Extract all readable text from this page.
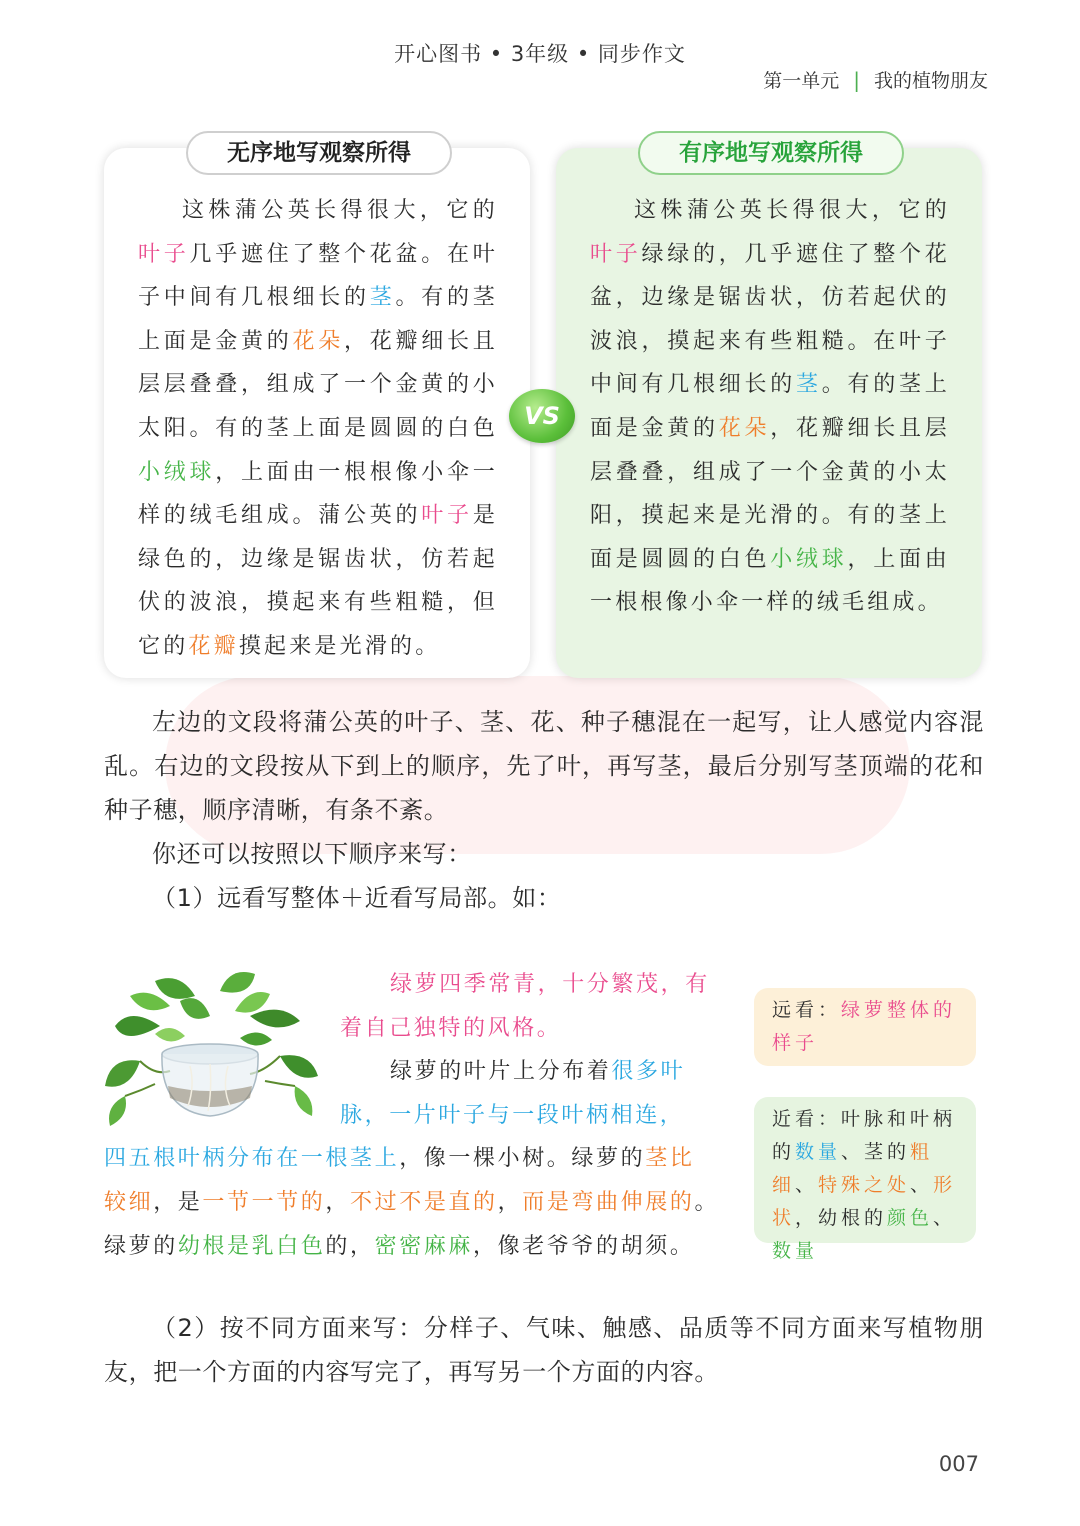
开心图书 • 3年级 • 同步作文
第一单元 | 我的植物朋友
无序地写观察所得	有序地写观察所得

这株蒲公英长得很大，它的叶子几乎遮住了整个花盆。在叶子中间有几根细长的茎。有的茎上面是金黄的花朵，花瓣细长且层层叠叠，组成了一个金黄的小太阳。有的茎上面是圆圆的白色小绒球，上面由一根根像小伞一样的绒毛组成。蒲公英的叶子是绿色的，边缘是锯齿状，仿若起伏的波浪，摸起来有些粗糙，但它的花瓣摸起来是光滑的。

这株蒲公英长得很大，它的叶子绿绿的，几乎遮住了整个花盆，边缘是锯齿状，仿若起伏的波浪，摸起来有些粗糙。在叶子中间有几根细长的茎。有的茎上面是金黄的花朵，花瓣细长且层层叠叠，组成了一个金黄的小太阳，摸起来是光滑的。有的茎上面是圆圆的白色小绒球，上面由一根根像小伞一样的绒毛组成。

VS

左边的文段将蒲公英的叶子、茎、花、种子穗混在一起写，让人感觉内容混乱。右边的文段按从下到上的顺序，先了叶，再写茎，最后分别写茎顶端的花和种子穗，顺序清晰，有条不紊。

你还可以按照以下顺序来写：

（1）远看写整体＋近看写局部。如：

绿萝四季常青，十分繁茂，有
着自己独特的风格。
绿萝的叶片上分布着很多叶
脉，一片叶子与一段叶柄相连，
四五根叶柄分布在一根茎上，像一棵小树。绿萝的茎比
较细，是一节一节的，不过不是直的，而是弯曲伸展的。
绿萝的幼根是乳白色的，密密麻麻，像老爷爷的胡须。
远看：绿萝整体的样子
近看：叶脉和叶柄的数量、茎的粗细、特殊之处、形状，幼根的颜色、数量

（2）按不同方面来写：分样子、气味、触感、品质等不同方面来写植物朋友，把一个方面的内容写完了，再写另一个方面的内容。

007
